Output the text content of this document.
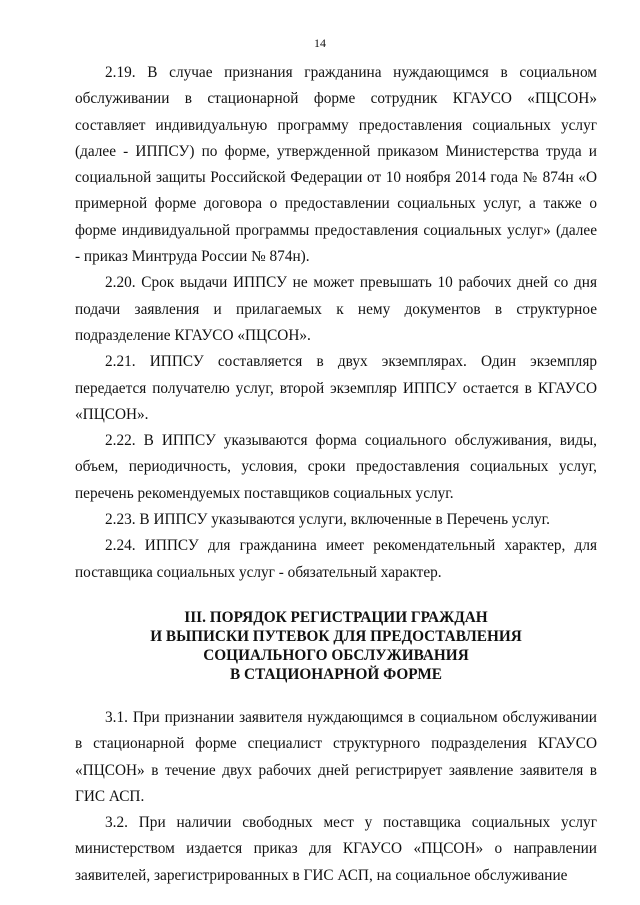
14

2.19. В случае признания гражданина нуждающимся в социальном обслуживании в стационарной форме сотрудник КГАУСО «ПЦСОН» составляет индивидуальную программу предоставления социальных услуг (далее - ИППСУ) по форме, утвержденной приказом Министерства труда и социальной защиты Российской Федерации от 10 ноября 2014 года № 874н «О примерной форме договора о предоставлении социальных услуг, а также о форме индивидуальной программы предоставления социальных услуг» (далее - приказ Минтруда России № 874н).

2.20. Срок выдачи ИППСУ не может превышать 10 рабочих дней со дня подачи заявления и прилагаемых к нему документов в структурное подразделение КГАУСО «ПЦСОН».

2.21. ИППСУ составляется в двух экземплярах. Один экземпляр передается получателю услуг, второй экземпляр ИППСУ остается в КГАУСО «ПЦСОН».

2.22. В ИППСУ указываются форма социального обслуживания, виды, объем, периодичность, условия, сроки предоставления социальных услуг, перечень рекомендуемых поставщиков социальных услуг.

2.23. В ИППСУ указываются услуги, включенные в Перечень услуг.

2.24. ИППСУ для гражданина имеет рекомендательный характер, для поставщика социальных услуг - обязательный характер.

III. ПОРЯДОК РЕГИСТРАЦИИ ГРАЖДАН
И ВЫПИСКИ ПУТЕВОК ДЛЯ ПРЕДОСТАВЛЕНИЯ
СОЦИАЛЬНОГО ОБСЛУЖИВАНИЯ
В СТАЦИОНАРНОЙ ФОРМЕ

3.1. При признании заявителя нуждающимся в социальном обслуживании в стационарной форме специалист структурного подразделения КГАУСО «ПЦСОН» в течение двух рабочих дней регистрирует заявление заявителя в ГИС АСП.

3.2. При наличии свободных мест у поставщика социальных услуг министерством издается приказ для КГАУСО «ПЦСОН» о направлении заявителей, зарегистрированных в ГИС АСП, на социальное обслуживание
